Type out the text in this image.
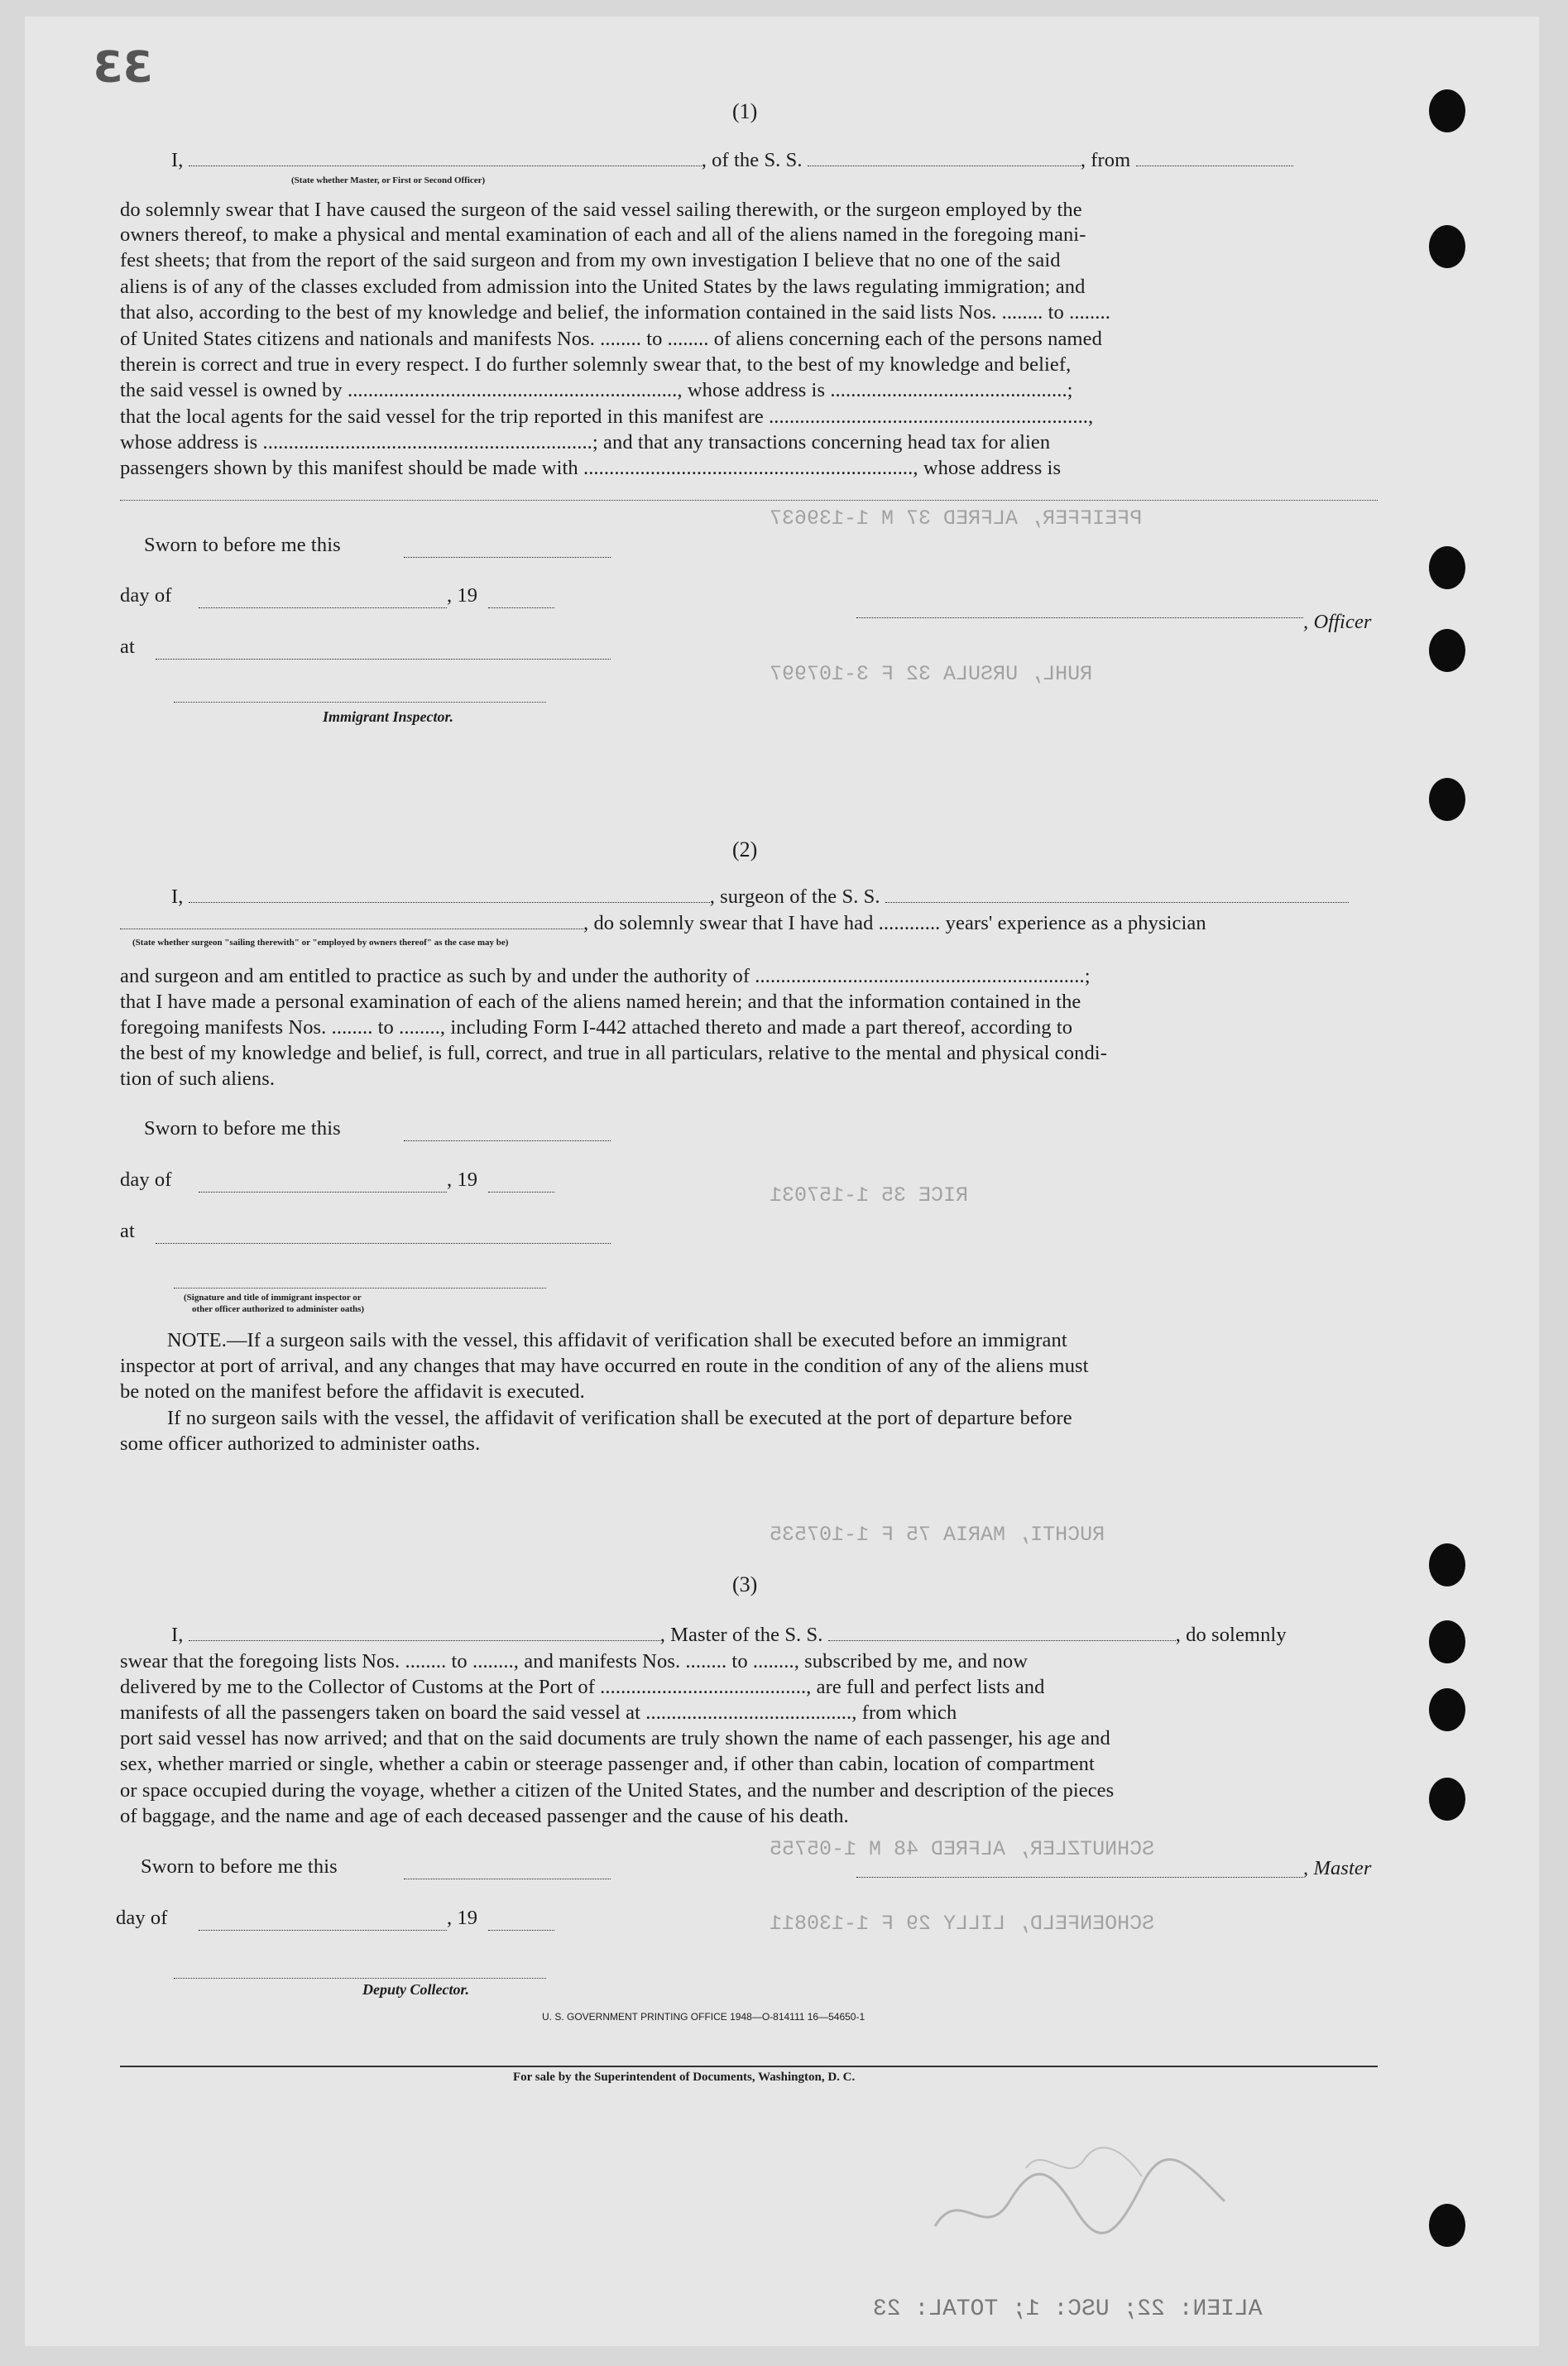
PFEIFFER, ALFRED 37 M 1-139637
RUHL, URSULA 32 F 3-107997
RICE 35 1-157031
RUCHTI, MARIA 75 F 1-107535
SCHNUTZLER, ALFRED 48 M 1-05755
SCHOENFELD, LILLY 29 F 1-130811
33
(1)
I,	, of the S. S.	, from
(State whether Master, or First or Second Officer)
do solemnly swear that I have caused the surgeon of the said vessel sailing therewith, or the surgeon employed by the
owners thereof, to make a physical and mental examination of each and all of the aliens named in the foregoing mani-
fest sheets; that from the report of the said surgeon and from my own investigation I believe that no one of the said
aliens is of any of the classes excluded from admission into the United States by the laws regulating immigration; and
that also, according to the best of my knowledge and belief, the information contained in the said lists Nos. ........ to ........
of United States citizens and nationals and manifests Nos. ........ to ........ of aliens concerning each of the persons named
therein is correct and true in every respect. I do further solemnly swear that, to the best of my knowledge and belief,
the said vessel is owned by ................................................................, whose address is ..............................................;
that the local agents for the said vessel for the trip reported in this manifest are ..............................................................,
whose address is ................................................................; and that any transactions concerning head tax for alien
passengers shown by this manifest should be made with ................................................................, whose address is
Sworn to before me this
day of	, 19
at
, Officer
Immigrant Inspector.
(2)
I,	, surgeon of the S. S.
, do solemnly swear that I have had ............ years' experience as a physician
(State whether surgeon "sailing therewith" or "employed by owners thereof" as the case may be)
and surgeon and am entitled to practice as such by and under the authority of ................................................................;
that I have made a personal examination of each of the aliens named herein; and that the information contained in the
foregoing manifests Nos. ........ to ........, including Form I-442 attached thereto and made a part thereof, according to
the best of my knowledge and belief, is full, correct, and true in all particulars, relative to the mental and physical condi-
tion of such aliens.
Sworn to before me this
day of	, 19
at
(Signature and title of immigrant inspector or
other officer authorized to administer oaths)
NOTE.—If a surgeon sails with the vessel, this affidavit of verification shall be executed before an immigrant
inspector at port of arrival, and any changes that may have occurred en route in the condition of any of the aliens must
be noted on the manifest before the affidavit is executed.
If no surgeon sails with the vessel, the affidavit of verification shall be executed at the port of departure before
some officer authorized to administer oaths.
(3)
I,	, Master of the S. S.	, do solemnly
swear that the foregoing lists Nos. ........ to ........, and manifests Nos. ........ to ........, subscribed by me, and now
delivered by me to the Collector of Customs at the Port of ........................................, are full and perfect lists and
manifests of all the passengers taken on board the said vessel at ........................................, from which
port said vessel has now arrived; and that on the said documents are truly shown the name of each passenger, his age and
sex, whether married or single, whether a cabin or steerage passenger and, if other than cabin, location of compartment
or space occupied during the voyage, whether a citizen of the United States, and the number and description of the pieces
of baggage, and the name and age of each deceased passenger and the cause of his death.
Sworn to before me this	, Master
day of	, 19
Deputy Collector.
U. S. GOVERNMENT PRINTING OFFICE 1948—O-814111 16—54650-1
For sale by the Superintendent of Documents, Washington, D. C.
ALIEN: 22; USC: 1; TOTAL: 23
